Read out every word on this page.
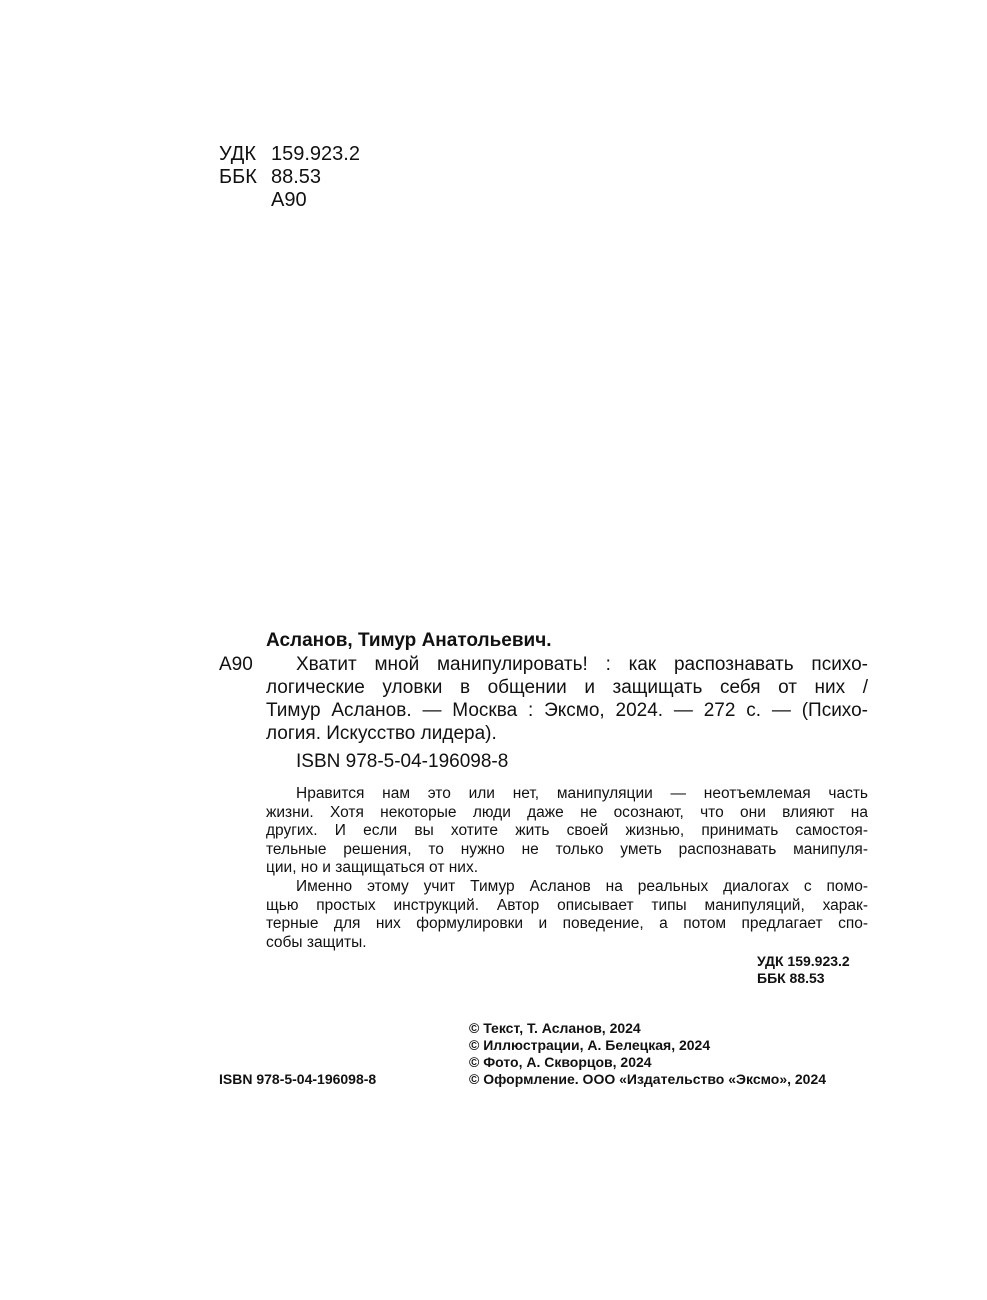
УДК 159.923.2
ББК 88.53
А90
Асланов, Тимур Анатольевич.
А90	Хватит мной манипулировать! : как распознавать психо-
логические уловки в общении и защищать себя от них /
Тимур Асланов. — Москва : Эксмо, 2024. — 272 с. — (Психо-
логия. Искусство лидера).
ISBN 978-5-04-196098-8
Нравится нам это или нет, манипуляции — неотъемлемая часть
жизни. Хотя некоторые люди даже не осознают, что они влияют на
других. И если вы хотите жить своей жизнью, принимать самостоя-
тельные решения, то нужно не только уметь распознавать манипуля-
ции, но и защищаться от них.
Именно этому учит Тимур Асланов на реальных диалогах с помо-
щью простых инструкций. Автор описывает типы манипуляций, харак-
терные для них формулировки и поведение, а потом предлагает спо-
собы защиты.
УДК 159.923.2
ББК 88.53
© Текст, Т. Асланов, 2024
© Иллюстрации, А. Белецкая, 2024
© Фото, А. Скворцов, 2024
© Оформление. ООО «Издательство «Эксмо», 2024
ISBN 978-5-04-196098-8
